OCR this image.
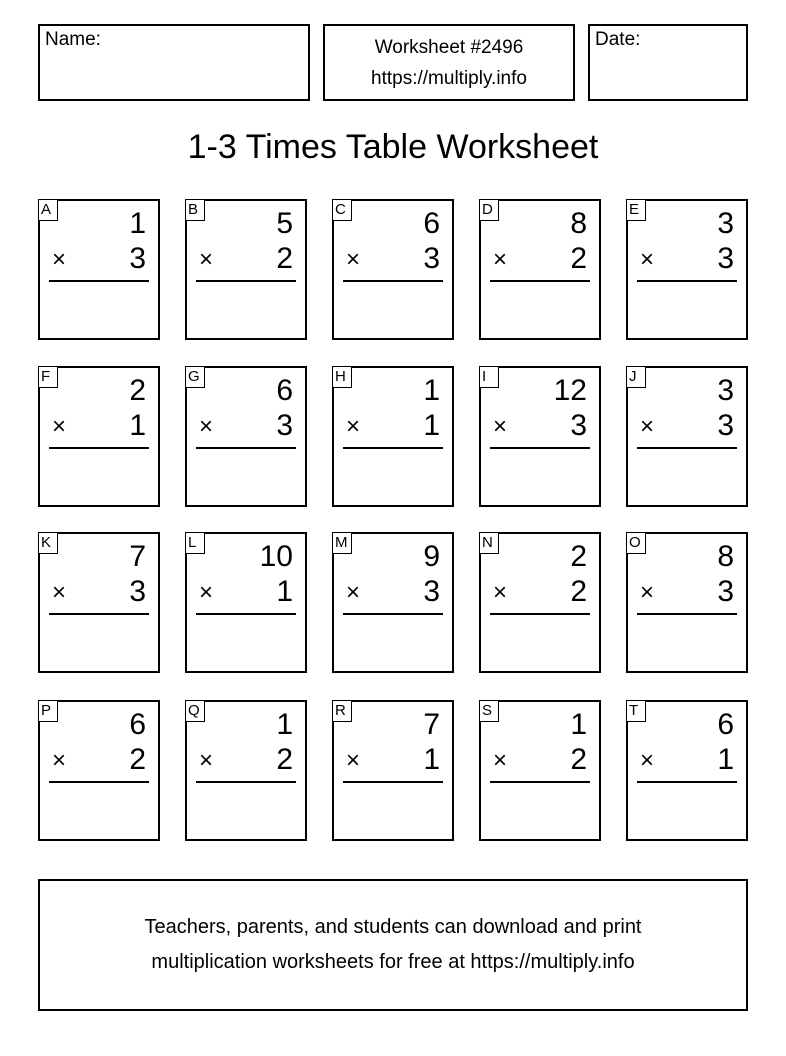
Name:	Worksheet #2496
https://multiply.info
Date:
1-3 Times Table Worksheet
A	1
× 3
B	5
× 2
C	6
× 3
D	8
× 2
E	3
× 3
F	2
× 1
G	6
× 3
H	1
× 1
I	12
× 3
J	3
× 3
K	7
× 3
L 10
× 1
M	9
× 3
N	2
× 2
O	8
× 3
P	6
× 2
Q	1
× 2
R	7
× 1
S	1
× 2
T	6
× 1
Teachers, parents, and students can download and print
multiplication worksheets for free at https://multiply.info
